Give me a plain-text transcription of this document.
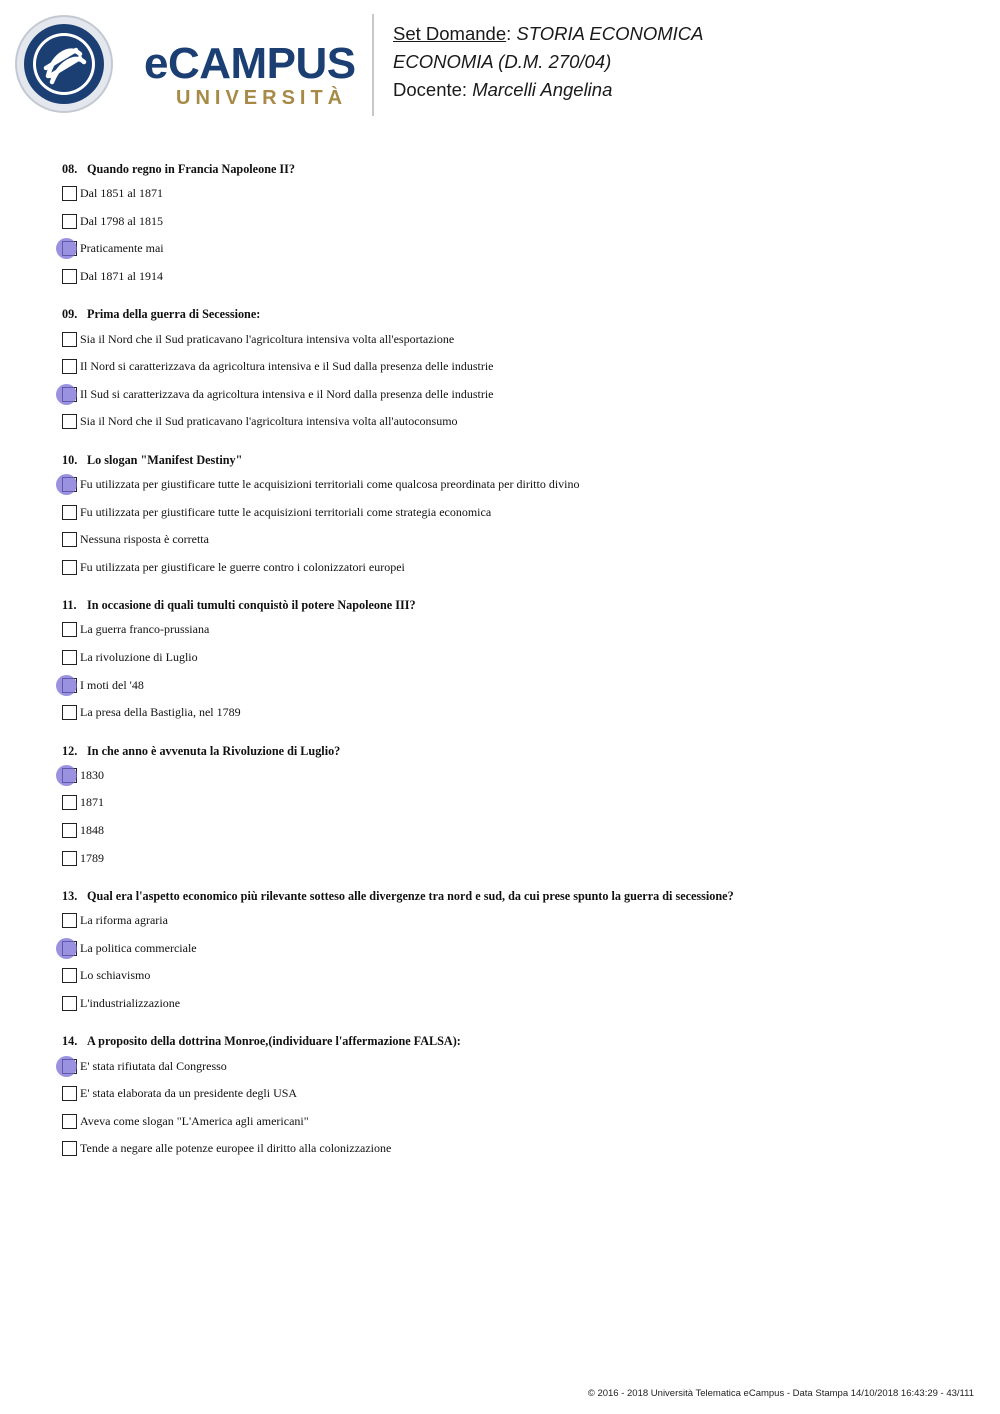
eCAMPUS
UNIVERSITÀ
Set Domande: STORIA ECONOMICA
ECONOMIA (D.M. 270/04)
Docente: Marcelli Angelina
08. Quando regno in Francia Napoleone II?
Dal 1851 al 1871
Dal 1798 al 1815
Praticamente mai
Dal 1871 al 1914
09. Prima della guerra di Secessione:
Sia il Nord che il Sud praticavano l'agricoltura intensiva volta all'esportazione
Il Nord si caratterizzava da agricoltura intensiva e il Sud dalla presenza delle industrie
Il Sud si caratterizzava da agricoltura intensiva e il Nord dalla presenza delle industrie
Sia il Nord che il Sud praticavano l'agricoltura intensiva volta all'autoconsumo
10. Lo slogan "Manifest Destiny"
Fu utilizzata per giustificare tutte le acquisizioni territoriali come qualcosa preordinata per diritto divino
Fu utilizzata per giustificare tutte le acquisizioni territoriali come strategia economica
Nessuna risposta è corretta
Fu utilizzata per giustificare le guerre contro i colonizzatori europei
11. In occasione di quali tumulti conquistò il potere Napoleone III?
La guerra franco-prussiana
La rivoluzione di Luglio
I moti del '48
La presa della Bastiglia, nel 1789
12. In che anno è avvenuta la Rivoluzione di Luglio?
1830
1871
1848
1789
13. Qual era l'aspetto economico più rilevante sotteso alle divergenze tra nord e sud, da cui prese spunto la guerra di secessione?
La riforma agraria
La politica commerciale
Lo schiavismo
L'industrializzazione
14. A proposito della dottrina Monroe,(individuare l'affermazione FALSA):
E' stata rifiutata dal Congresso
E' stata elaborata da un presidente degli USA
Aveva come slogan "L'America agli americani"
Tende a negare alle potenze europee il diritto alla colonizzazione
© 2016 - 2018 Università Telematica eCampus - Data Stampa 14/10/2018 16:43:29 - 43/111
